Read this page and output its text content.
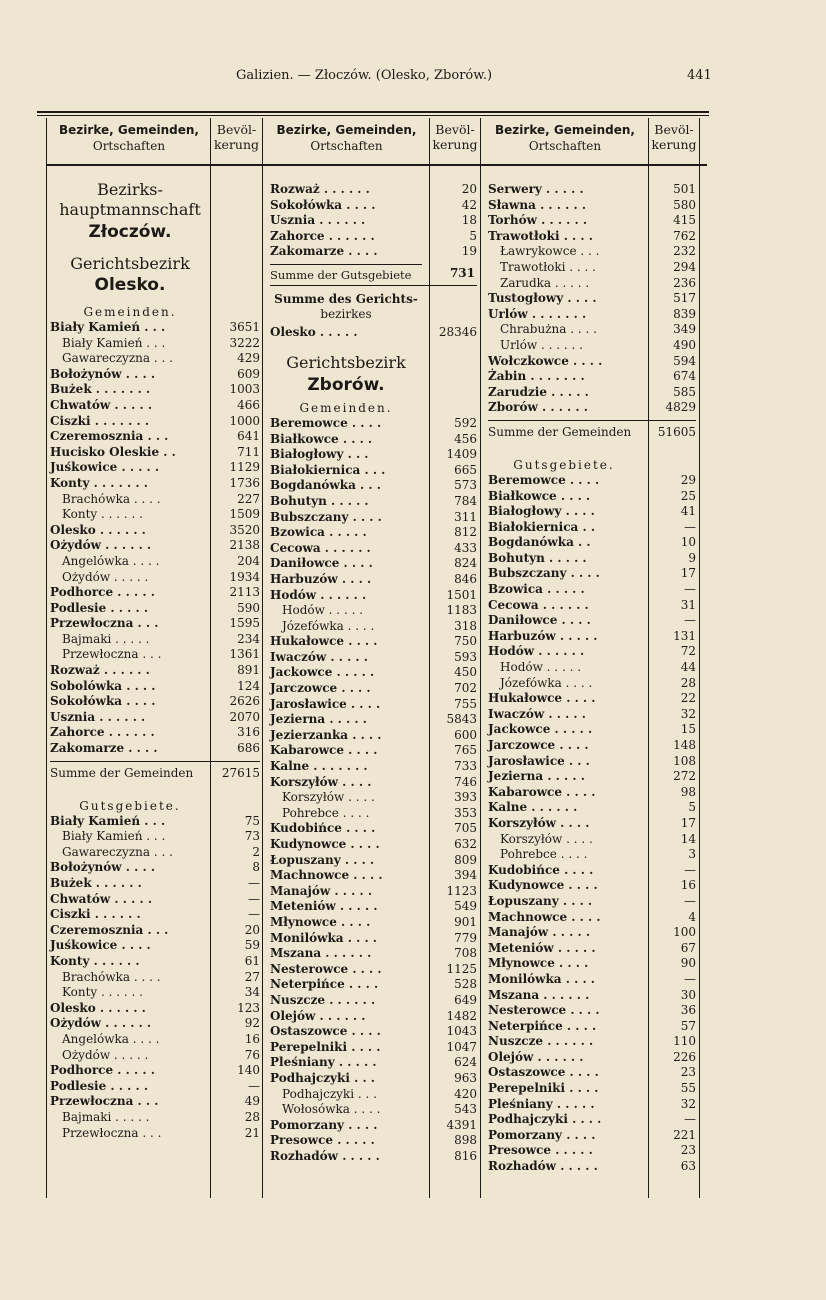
Galizien. — Złoczów. (Olesko, Zborów.)	441
Bezirke, Gemeinden,
Ortschaften
Bevöl-
kerung
Bezirke, Gemeinden,
Ortschaften
Bevöl-
kerung
Bezirke, Gemeinden,
Ortschaften
Bevöl-
kerung
Bezirks-
hauptmannschaft
Złoczów.
Gerichtsbezirk
Olesko.
Gemeinden.
Biały Kamień . . .	3651
Biały Kamień . . .	3222
Gawareczyzna . . .	429
Bołożynów . . . .	609
Bużek . . . . . . .	1003
Chwatów . . . . .	466
Ciszki . . . . . . .	1000
Czeremosznia . . .	641
Hucisko Oleskie . .	711
Juśkowice . . . . .	1129
Konty . . . . . . .	1736
Brachówka . . . .	227
Konty . . . . . .	1509
Olesko . . . . . .	3520
Ożydów . . . . . .	2138
Angelówka . . . .	204
Ożydów . . . . .	1934
Podhorce . . . . .	2113
Podlesie . . . . .	590
Przewłoczna . . .	1595
Bajmaki . . . . .	234
Przewłoczna . . .	1361
Rozważ . . . . . .	891
Sobolówka . . . .	124
Sokołówka . . . .	2626
Usznia . . . . . .	2070
Zahorce . . . . . .	316
Zakomarze . . . .	686
Summe der Gemeinden 27615
Gutsgebiete.
Biały Kamień . . .	75
Biały Kamień . . .	73
Gawareczyzna . . .	2
Bołożynów . . . .	8
Bużek . . . . . .	—
Chwatów . . . . .	—
Ciszki . . . . . .	—
Czeremosznia . . .	20
Juśkowice . . . .	59
Konty . . . . . .	61
Brachówka . . . .	27
Konty . . . . . .	34
Olesko . . . . . .	123
Ożydów . . . . . .	92
Angelówka . . . .	16
Ożydów . . . . .	76
Podhorce . . . . .	140
Podlesie . . . . .	—
Przewłoczna . . .	49
Bajmaki . . . . .	28
Przewłoczna . . .	21
Rozważ . . . . . .	20
Sokołówka . . . .	42
Usznia . . . . . .	18
Zahorce . . . . . .	5
Zakomarze . . . .	19
Summe der Gutsgebiete	731
Summe des Gerichts-
bezirkes
Olesko . . . . .	28346
Gerichtsbezirk
Zborów.
Gemeinden.
Beremowce . . . .	592
Białkowce . . . .	456
Białogłowy . . .	1409
Białokiernica . . .	665
Bogdanówka . . .	573
Bohutyn . . . . .	784
Bubszczany . . . .	311
Bzowica . . . . .	812
Cecowa . . . . . .	433
Daniłowce . . . .	824
Harbuzów . . . .	846
Hodów . . . . . .	1501
Hodów . . . . .	1183
Józefówka . . . .	318
Hukałowce . . . .	750
Iwaczów . . . . .	593
Jackowce . . . . .	450
Jarczowce . . . .	702
Jarosławice . . . .	755
Jezierna . . . . .	5843
Jezierzanka . . . .	600
Kabarowce . . . .	765
Kalne . . . . . . .	733
Korszyłów . . . .	746
Korszyłów . . . .	393
Pohrebce . . . .	353
Kudobińce . . . .	705
Kudynowce . . . .	632
Łopuszany . . . .	809
Machnowce . . . .	394
Manajów . . . . .	1123
Meteniów . . . . .	549
Młynowce . . . .	901
Monilówka . . . .	779
Mszana . . . . . .	708
Nesterowce . . . .	1125
Neterpińce . . . .	528
Nuszcze . . . . . .	649
Olejów . . . . . .	1482
Ostaszowce . . . .	1043
Perepelniki . . . .	1047
Pleśniany . . . . .	624
Podhajczyki . . .	963
Podhajczyki . . .	420
Wołosówka . . . .	543
Pomorzany . . . .	4391
Presowce . . . . .	898
Rozhadów . . . . .	816
Serwery . . . . .	501
Sławna . . . . . .	580
Torhów . . . . . .	415
Trawotłoki . . . .	762
Ławrykowce . . .	232
Trawotłoki . . . .	294
Zarudka . . . . .	236
Tustogłowy . . . .	517
Urlów . . . . . . .	839
Chrabużna . . . .	349
Urlów . . . . . .	490
Wołczkowce . . . .	594
Żabin . . . . . . .	674
Zarudzie . . . . .	585
Zborów . . . . . .	4829
Summe der Gemeinden 51605
Gutsgebiete.
Beremowce . . . .	29
Białkowce . . . .	25
Białogłowy . . . .	41
Białokiernica . .	—
Bogdanówka . .	10
Bohutyn . . . . .	9
Bubszczany . . . .	17
Bzowica . . . . .	—
Cecowa . . . . . .	31
Daniłowce . . . .	—
Harbuzów . . . . .	131
Hodów . . . . . .	72
Hodów . . . . .	44
Józefówka . . . .	28
Hukałowce . . . .	22
Iwaczów . . . . .	32
Jackowce . . . . .	15
Jarczowce . . . .	148
Jarosławice . . .	108
Jezierna . . . . .	272
Kabarowce . . . .	98
Kalne . . . . . .	5
Korszyłów . . . .	17
Korszyłów . . . .	14
Pohrebce . . . .	3
Kudobińce . . . .	—
Kudynowce . . . .	16
Łopuszany . . . .	—
Machnowce . . . .	4
Manajów . . . . .	100
Meteniów . . . . .	67
Młynowce . . . .	90
Monilówka . . . .	—
Mszana . . . . . .	30
Nesterowce . . . .	36
Neterpińce . . . .	57
Nuszcze . . . . . .	110
Olejów . . . . . .	226
Ostaszowce . . . .	23
Perepelniki . . . .	55
Pleśniany . . . . .	32
Podhajczyki . . . .	—
Pomorzany . . . .	221
Presowce . . . . .	23
Rozhadów . . . . .	63
